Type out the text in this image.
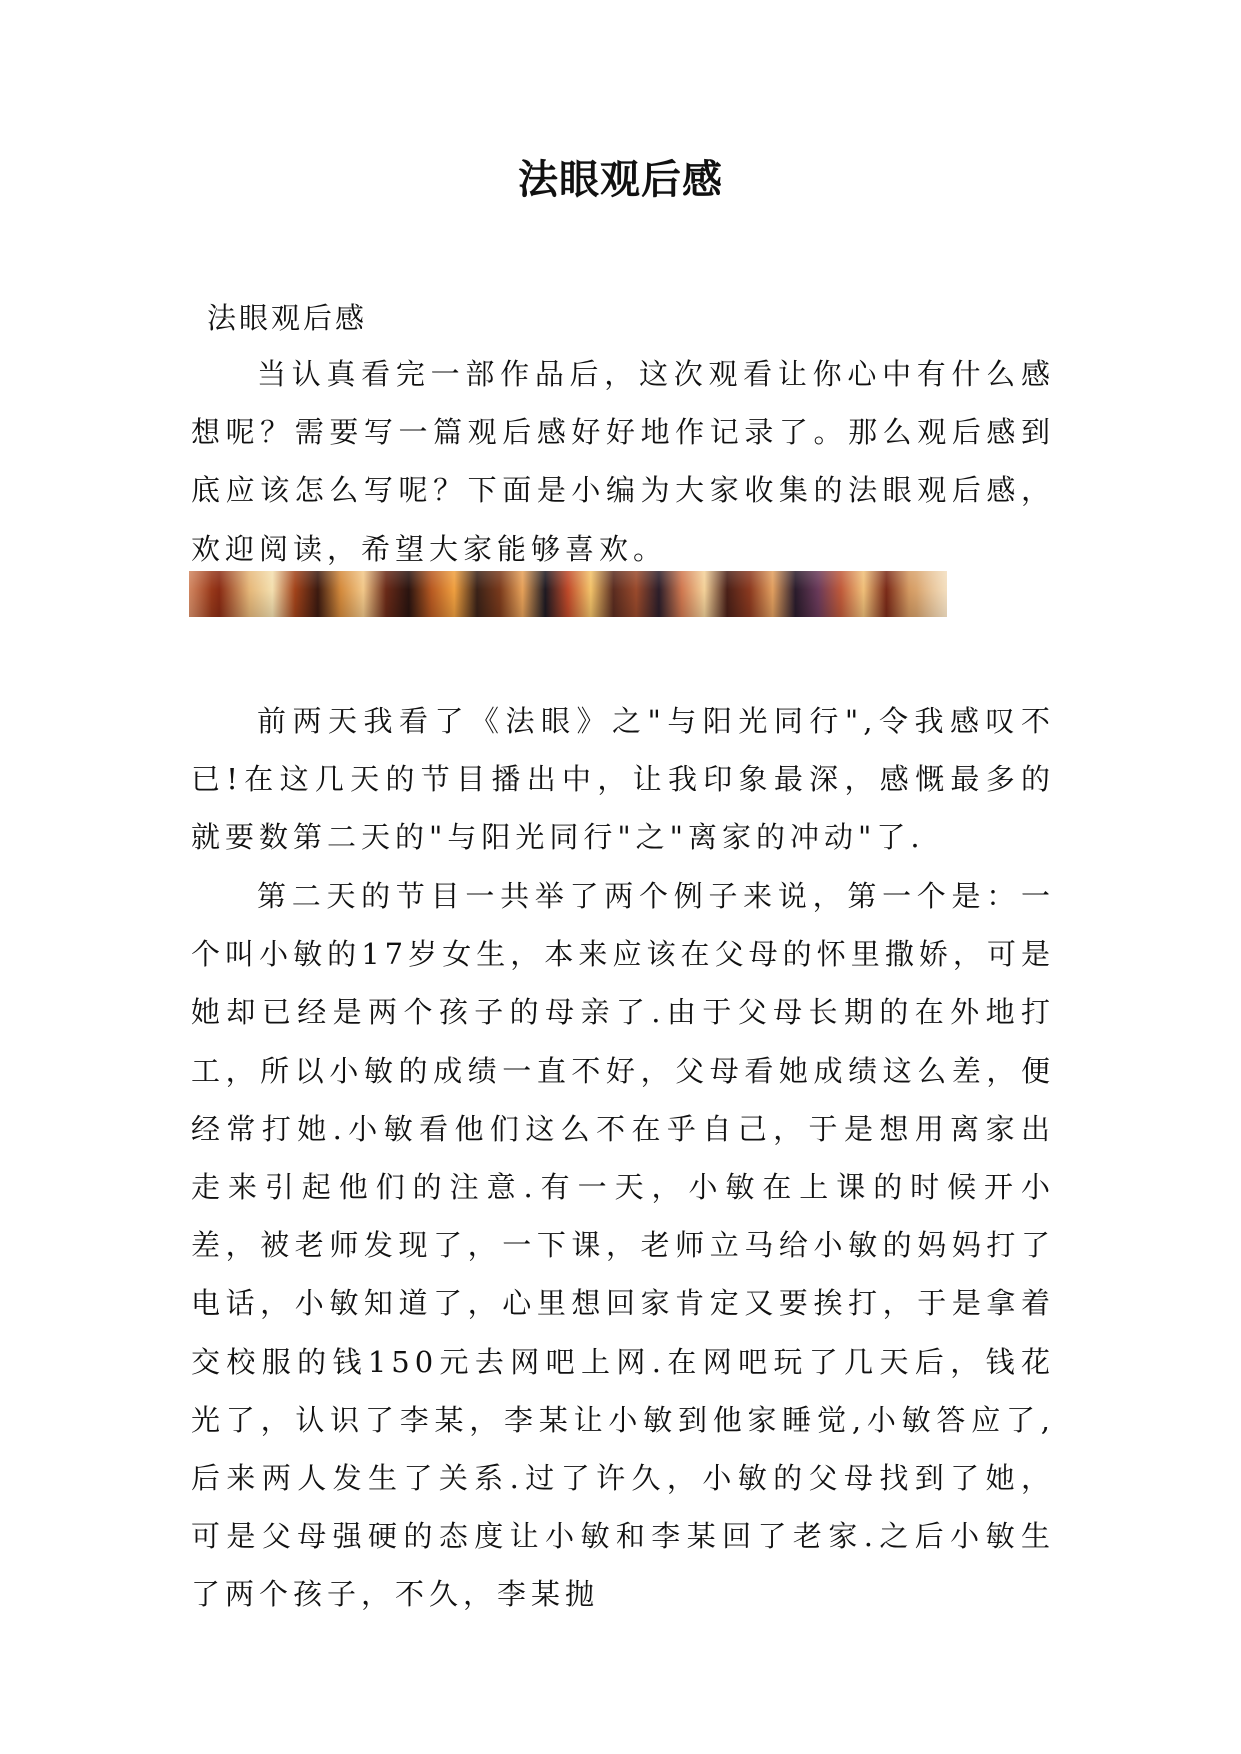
法眼观后感

法眼观后感

当认真看完一部作品后，这次观看让你心中有什么感想呢？需要写一篇观后感好好地作记录了。那么观后感到底应该怎么写呢？下面是小编为大家收集的法眼观后感，欢迎阅读，希望大家能够喜欢。

前两天我看了《法眼》之"与阳光同行",令我感叹不已!在这几天的节目播出中，让我印象最深，感慨最多的就要数第二天的"与阳光同行"之"离家的冲动"了.

第二天的节目一共举了两个例子来说，第一个是：一个叫小敏的17岁女生，本来应该在父母的怀里撒娇，可是她却已经是两个孩子的母亲了.由于父母长期的在外地打工，所以小敏的成绩一直不好，父母看她成绩这么差，便经常打她.小敏看他们这么不在乎自己，于是想用离家出走来引起他们的注意.有一天，小敏在上课的时候开小差，被老师发现了，一下课，老师立马给小敏的妈妈打了电话，小敏知道了，心里想回家肯定又要挨打，于是拿着交校服的钱150元去网吧上网.在网吧玩了几天后，钱花光了，认识了李某，李某让小敏到他家睡觉,小敏答应了,后来两人发生了关系.过了许久，小敏的父母找到了她，可是父母强硬的态度让小敏和李某回了老家.之后小敏生了两个孩子，不久，李某抛
